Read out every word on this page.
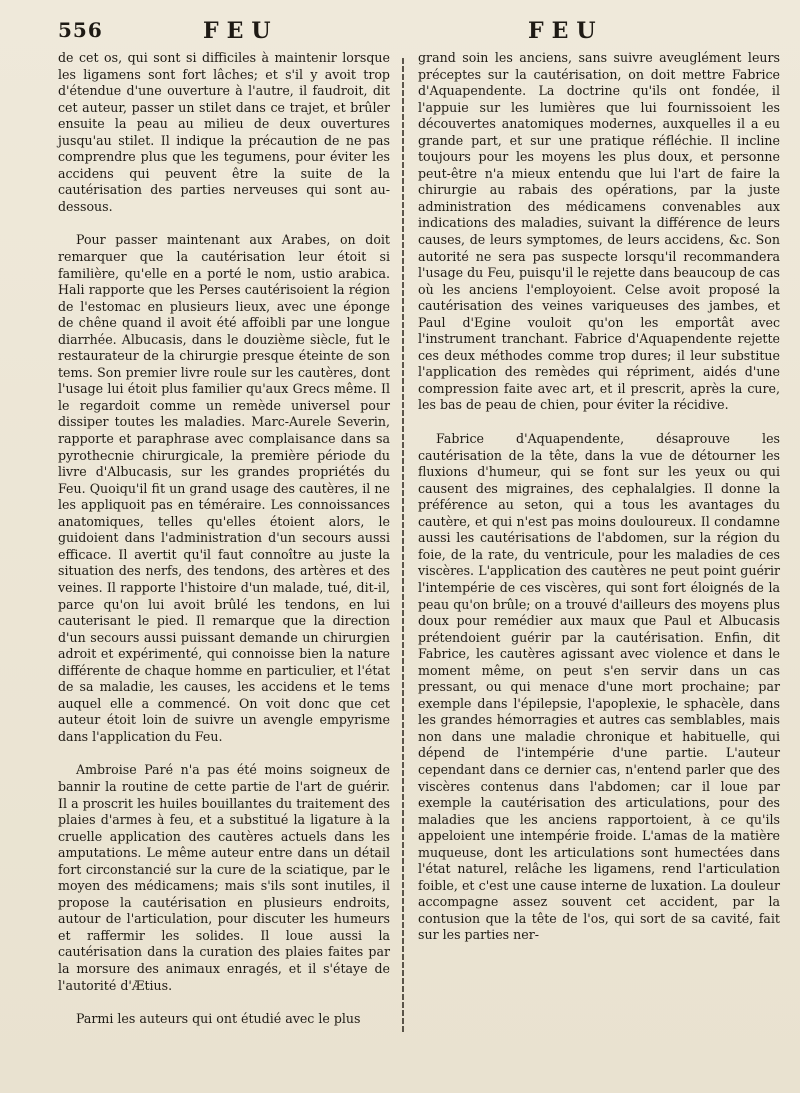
556	FEU	FEU

de cet os, qui sont si difficiles à maintenir lorsque les ligamens sont fort lâches; et s'il y avoit trop d'étendue d'une ouverture à l'autre, il faudroit, dit cet auteur, passer un stilet dans ce trajet, et brûler ensuite la peau au milieu de deux ouvertures jusqu'au stilet. Il indique la précaution de ne pas comprendre plus que les tegumens, pour éviter les accidens qui peuvent être la suite de la cautérisation des parties nerveuses qui sont au-dessous.

Pour passer maintenant aux Arabes, on doit remarquer que la cautérisation leur étoit si familière, qu'elle en a porté le nom, ustio arabica. Hali rapporte que les Perses cautérisoient la région de l'estomac en plusieurs lieux, avec une éponge de chêne quand il avoit été affoibli par une longue diarrhée. Albucasis, dans le douzième siècle, fut le restaurateur de la chirurgie presque éteinte de son tems. Son premier livre roule sur les cautères, dont l'usage lui étoit plus familier qu'aux Grecs même. Il le regardoit comme un remède universel pour dissiper toutes les maladies. Marc-Aurele Severin, rapporte et paraphrase avec complaisance dans sa pyrothecnie chirurgicale, la première période du livre d'Albucasis, sur les grandes propriétés du Feu. Quoiqu'il fit un grand usage des cautères, il ne les appliquoit pas en téméraire. Les connoissances anatomiques, telles qu'elles étoient alors, le guidoient dans l'administration d'un secours aussi efficace. Il avertit qu'il faut connoître au juste la situation des nerfs, des tendons, des artères et des veines. Il rapporte l'histoire d'un malade, tué, dit-il, parce qu'on lui avoit brûlé les tendons, en lui cauterisant le pied. Il remarque que la direction d'un secours aussi puissant demande un chirurgien adroit et expérimenté, qui connoisse bien la nature différente de chaque homme en particulier, et l'état de sa maladie, les causes, les accidens et le tems auquel elle a commencé. On voit donc que cet auteur étoit loin de suivre un avengle empyrisme dans l'application du Feu.

Ambroise Paré n'a pas été moins soigneux de bannir la routine de cette partie de l'art de guérir. Il a proscrit les huiles bouillantes du traitement des plaies d'armes à feu, et a substitué la ligature à la cruelle application des cautères actuels dans les amputations. Le même auteur entre dans un détail fort circonstancié sur la cure de la sciatique, par le moyen des médicamens; mais s'ils sont inutiles, il propose la cautérisation en plusieurs endroits, autour de l'articulation, pour discuter les humeurs et raffermir les solides. Il loue aussi la cautérisation dans la curation des plaies faites par la morsure des animaux enragés, et il s'étaye de l'autorité d'Ætius.

Parmi les auteurs qui ont étudié avec le plus

grand soin les anciens, sans suivre aveuglément leurs préceptes sur la cautérisation, on doit mettre Fabrice d'Aquapendente. La doctrine qu'ils ont fondée, il l'appuie sur les lumières que lui fournissoient les découvertes anatomiques modernes, auxquelles il a eu grande part, et sur une pratique réfléchie. Il incline toujours pour les moyens les plus doux, et personne peut-être n'a mieux entendu que lui l'art de faire la chirurgie au rabais des opérations, par la juste administration des médicamens convenables aux indications des maladies, suivant la différence de leurs causes, de leurs symptomes, de leurs accidens, &c. Son autorité ne sera pas suspecte lorsqu'il recommandera l'usage du Feu, puisqu'il le rejette dans beaucoup de cas où les anciens l'employoient. Celse avoit proposé la cautérisation des veines variqueuses des jambes, et Paul d'Egine vouloit qu'on les emportât avec l'instrument tranchant. Fabrice d'Aquapendente rejette ces deux méthodes comme trop dures; il leur substitue l'application des remèdes qui répriment, aidés d'une compression faite avec art, et il prescrit, après la cure, les bas de peau de chien, pour éviter la récidive.

Fabrice d'Aquapendente, désaprouve les cautérisation de la tête, dans la vue de détourner les fluxions d'humeur, qui se font sur les yeux ou qui causent des migraines, des cephalalgies. Il donne la préférence au seton, qui a tous les avantages du cautère, et qui n'est pas moins douloureux. Il condamne aussi les cautérisations de l'abdomen, sur la région du foie, de la rate, du ventricule, pour les maladies de ces viscères. L'application des cautères ne peut point guérir l'intempérie de ces viscères, qui sont fort éloignés de la peau qu'on brûle; on a trouvé d'ailleurs des moyens plus doux pour remédier aux maux que Paul et Albucasis prétendoient guérir par la cautérisation. Enfin, dit Fabrice, les cautères agissant avec violence et dans le moment même, on peut s'en servir dans un cas pressant, ou qui menace d'une mort prochaine; par exemple dans l'épilepsie, l'apoplexie, le sphacèle, dans les grandes hémorragies et autres cas semblables, mais non dans une maladie chronique et habituelle, qui dépend de l'intempérie d'une partie. L'auteur cependant dans ce dernier cas, n'entend parler que des viscères contenus dans l'abdomen; car il loue par exemple la cautérisation des articulations, pour des maladies que les anciens rapportoient, à ce qu'ils appeloient une intempérie froide. L'amas de la matière muqueuse, dont les articulations sont humectées dans l'état naturel, relâche les ligamens, rend l'articulation foible, et c'est une cause interne de luxation. La douleur accompagne assez souvent cet accident, par la contusion que la tête de l'os, qui sort de sa cavité, fait sur les parties ner-
